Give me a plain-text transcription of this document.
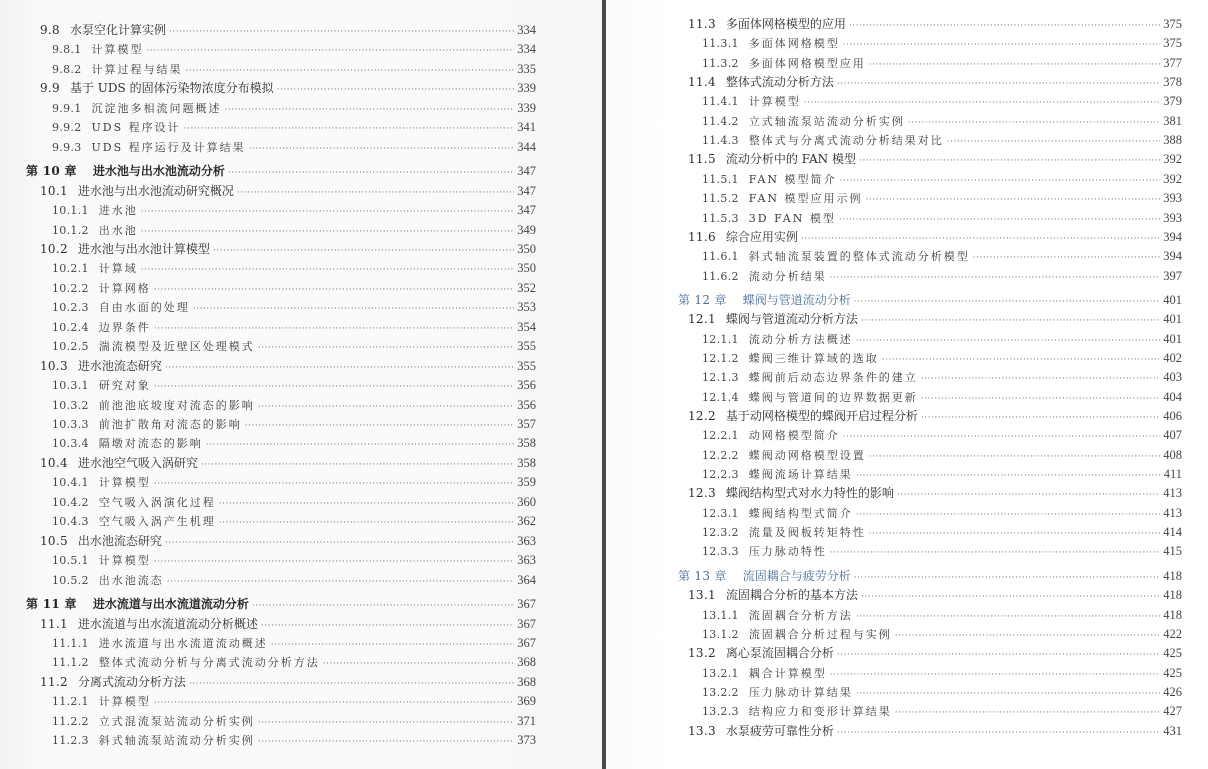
9.8 水泵空化计算实例 ·····	334
9.8.1 计算模型 ·····	334
9.8.2 计算过程与结果 ·····	335
9.9 基于 UDS 的固体污染物浓度分布模拟 ·····	339
9.9.1 沉淀池多相流问题概述 ·····	339
9.9.2 UDS 程序设计 ·····	341
9.9.3 UDS 程序运行及计算结果 ·····	344
第 10 章	进水池与出水池流动分析 ·····	347
10.1 进水池与出水池流动研究概况 ·····	347
10.1.1 进水池 ·····	347
10.1.2 出水池 ·····	349
10.2 进水池与出水池计算模型 ·····	350
10.2.1 计算域 ·····	350
10.2.2 计算网格 ·····	352
10.2.3 自由水面的处理 ·····	353
10.2.4 边界条件 ·····	354
10.2.5 湍流模型及近壁区处理模式 ·····	355
10.3 进水池流态研究 ·····	355
10.3.1 研究对象 ·····	356
10.3.2 前池池底坡度对流态的影响 ·····	356
10.3.3 前池扩散角对流态的影响 ·····	357
10.3.4 隔墩对流态的影响 ·····	358
10.4 进水池空气吸入涡研究 ·····	358
10.4.1 计算模型 ·····	359
10.4.2 空气吸入涡演化过程 ·····	360
10.4.3 空气吸入涡产生机理 ·····	362
10.5 出水池流态研究 ·····	363
10.5.1 计算模型 ·····	363
10.5.2 出水池流态 ·····	364
第 11 章	进水流道与出水流道流动分析 ·····	367
11.1 进水流道与出水流道流动分析概述 ·····	367
11.1.1 进水流道与出水流道流动概述 ·····	367
11.1.2 整体式流动分析与分离式流动分析方法 ·····	368
11.2 分离式流动分析方法 ·····	368
11.2.1 计算模型 ·····	369
11.2.2 立式混流泵站流动分析实例 ·····	371
11.2.3 斜式轴流泵站流动分析实例 ·····	373
11.3 多面体网格模型的应用 ·····	375
11.3.1 多面体网格模型 ·····	375
11.3.2 多面体网格模型应用 ·····	377
11.4 整体式流动分析方法 ·····	378
11.4.1 计算模型 ·····	379
11.4.2 立式轴流泵站流动分析实例 ·····	381
11.4.3 整体式与分离式流动分析结果对比 ·····	388
11.5 流动分析中的 FAN 模型 ·····	392
11.5.1 FAN 模型简介 ·····	392
11.5.2 FAN 模型应用示例 ·····	393
11.5.3 3D FAN 模型 ·····	393
11.6 综合应用实例 ·····	394
11.6.1 斜式轴流泵装置的整体式流动分析模型 ·····	394
11.6.2 流动分析结果 ·····	397
第 12 章	蝶阀与管道流动分析 ·····	401
12.1 蝶阀与管道流动分析方法 ·····	401
12.1.1 流动分析方法概述 ·····	401
12.1.2 蝶阀三维计算域的选取 ·····	402
12.1.3 蝶阀前后动态边界条件的建立 ·····	403
12.1.4 蝶阀与管道间的边界数据更新 ·····	404
12.2 基于动网格模型的蝶阀开启过程分析 ·····	406
12.2.1 动网格模型简介 ·····	407
12.2.2 蝶阀动网格模型设置 ·····	408
12.2.3 蝶阀流场计算结果 ·····	411
12.3 蝶阀结构型式对水力特性的影响 ·····	413
12.3.1 蝶阀结构型式简介 ·····	413
12.3.2 流量及阀板转矩特性 ·····	414
12.3.3 压力脉动特性 ·····	415
第 13 章	流固耦合与疲劳分析 ·····	418
13.1 流固耦合分析的基本方法 ·····	418
13.1.1 流固耦合分析方法 ·····	418
13.1.2 流固耦合分析过程与实例 ·····	422
13.2 离心泵流固耦合分析 ·····	425
13.2.1 耦合计算模型 ·····	425
13.2.2 压力脉动计算结果 ·····	426
13.2.3 结构应力和变形计算结果 ·····	427
13.3 水泵疲劳可靠性分析 ·····	431
